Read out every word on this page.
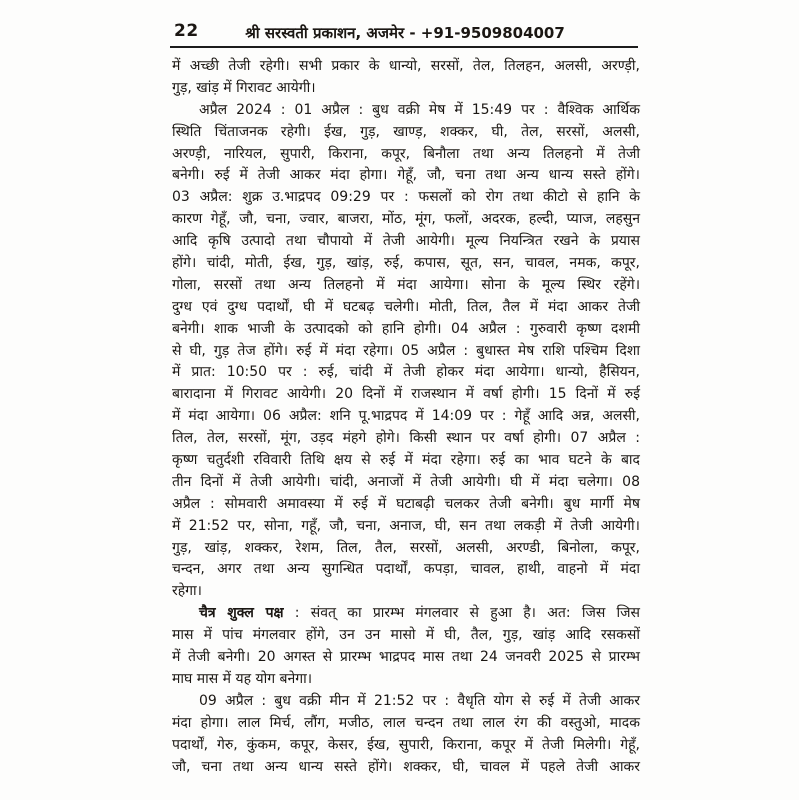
22	श्री सरस्वती प्रकाशन, अजमेर - +91-9509804007
में अच्छी तेजी रहेगी। सभी प्रकार के धान्यो, सरसों, तेल, तिलहन, अलसी, अरण्ड़ी,
गुड़, खांड़ में गिरावट आयेगी।
अप्रैल 2024 : 01 अप्रैल : बुध वक्री मेष में 15:49 पर : वैश्विक आर्थिक
स्थिति चिंताजनक रहेगी। ईख, गुड़, खाण्ड़, शक्कर, घी, तेल, सरसों, अलसी,
अरण्ड़ी, नारियल, सुपारी, किराना, कपूर, बिनौला तथा अन्य तिलहनो में तेजी
बनेगी। रुई में तेजी आकर मंदा होगा। गेहूँ, जौ, चना तथा अन्य धान्य सस्ते होंगे।
03 अप्रैल: शुक्र उ.भाद्रपद 09:29 पर : फसलों को रोग तथा कीटो से हानि के
कारण गेहूँ, जौ, चना, ज्वार, बाजरा, मोंठ, मूंग, फलों, अदरक, हल्दी, प्याज, लहसुन
आदि कृषि उत्पादो तथा चौपायो में तेजी आयेगी। मूल्य नियन्त्रित रखने के प्रयास
होंगे। चांदी, मोती, ईख, गुड़, खांड़, रुई, कपास, सूत, सन, चावल, नमक, कपूर,
गोला, सरसों तथा अन्य तिलहनो में मंदा आयेगा। सोना के मूल्य स्थिर रहेंगे।
दुग्ध एवं दुग्ध पदार्थों, घी में घटबढ़ चलेगी। मोती, तिल, तैल में मंदा आकर तेजी
बनेगी। शाक भाजी के उत्पादको को हानि होगी। 04 अप्रैल : गुरुवारी कृष्ण दशमी
से घी, गुड़ तेज होंगे। रुई में मंदा रहेगा। 05 अप्रैल : बुधास्त मेष राशि पश्चिम दिशा
में प्रात: 10:50 पर : रुई, चांदी में तेजी होकर मंदा आयेगा। धान्यो, हैसियन,
बारादाना में गिरावट आयेगी। 20 दिनों में राजस्थान में वर्षा होगी। 15 दिनों में रुई
में मंदा आयेगा। 06 अप्रैल: शनि पू.भाद्रपद में 14:09 पर : गेहूँ आदि अन्न, अलसी,
तिल, तेल, सरसों, मूंग, उड़द मंहगे होगे। किसी स्थान पर वर्षा होगी। 07 अप्रैल :
कृष्ण चतुर्दशी रविवारी तिथि क्षय से रुई में मंदा रहेगा। रुई का भाव घटने के बाद
तीन दिनों में तेजी आयेगी। चांदी, अनाजों में तेजी आयेगी। घी में मंदा चलेगा। 08
अप्रैल : सोमवारी अमावस्या में रुई में घटाबढ़ी चलकर तेजी बनेगी। बुध मार्गी मेष
में 21:52 पर, सोना, गहूँ, जौ, चना, अनाज, घी, सन तथा लकड़ी में तेजी आयेगी।
गुड़, खांड़, शक्कर, रेशम, तिल, तैल, सरसों, अलसी, अरण्डी, बिनोला, कपूर,
चन्दन, अगर तथा अन्य सुगन्धित पदार्थों, कपड़ा, चावल, हाथी, वाहनो में मंदा
रहेगा।
चैत्र शुक्ल पक्ष : संवत् का प्रारम्भ मंगलवार से हुआ है। अत: जिस जिस
मास में पांच मंगलवार होंगे, उन उन मासो में घी, तैल, गुड़, खांड़ आदि रसकसों
में तेजी बनेगी। 20 अगस्त से प्रारम्भ भाद्रपद मास तथा 24 जनवरी 2025 से प्रारम्भ
माघ मास में यह योग बनेगा।
09 अप्रैल : बुध वक्री मीन में 21:52 पर : वैधृति योग से रुई में तेजी आकर
मंदा होगा। लाल मिर्च, लौंग, मजीठ, लाल चन्दन तथा लाल रंग की वस्तुओ, मादक
पदार्थों, गेरु, कुंकम, कपूर, केसर, ईख, सुपारी, किराना, कपूर में तेजी मिलेगी। गेहूँ,
जौ, चना तथा अन्य धान्य सस्ते होंगे। शक्कर, घी, चावल में पहले तेजी आकर
